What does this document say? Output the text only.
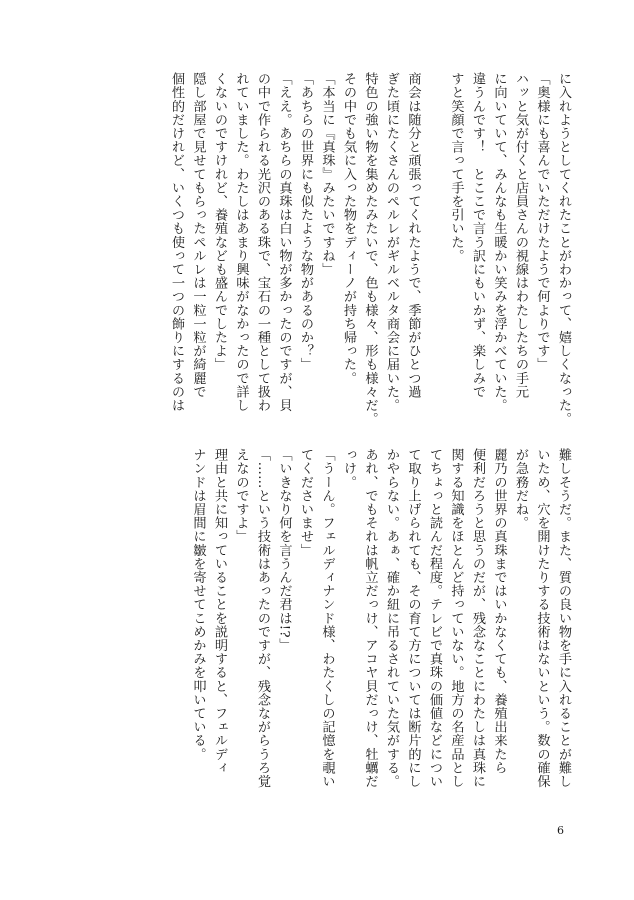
に入れようとしてくれたことがわかって、嬉しくなった。
「奥様にも喜んでいただけたようで何よりです」
ハッと気が付くと店員さんの視線はわたしたちの手元
に向いていて、みんなも生暖かい笑みを浮かべていた。
違うんです！　とここで言う訳にもいかず、楽しみで
すと笑顔で言って手を引いた。
商会は随分と頑張ってくれたようで、季節がひとつ過
ぎた頃にたくさんのペルレがギルベルタ商会に届いた。
特色の強い物を集めたみたいで、色も様々、形も様々だ。
その中でも気に入った物をディーノが持ち帰った。
「本当に『真珠』みたいですね」
「あちらの世界にも似たような物があるのか？」
「ええ。あちらの真珠は白い物が多かったのですが、貝
の中で作られる光沢のある珠で、宝石の一種として扱わ
れていました。わたしはあまり興味がなかったので詳し
くないのですけれど、養殖なども盛んでしたよ」
隠し部屋で見せてもらったペルレは一粒一粒が綺麗で
個性的だけれど、いくつも使って一つの飾りにするのは
難しそうだ。また、質の良い物を手に入れることが難し
いため、穴を開けたりする技術はないという。数の確保
が急務だね。
麗乃の世界の真珠まではいかなくても、養殖出来たら
便利だろうと思うのだが、残念なことにわたしは真珠に
関する知識をほとんど持っていない。地方の名産品とし
てちょっと読んだ程度。テレビで真珠の価値などについ
て取り上げられても、その育て方については断片的にし
かやらない。あぁ、確か紐に吊るされていた気がする。
あれ、でもそれは帆立だっけ、アコヤ貝だっけ、牡蠣だ
っけ。
「うーん。フェルディナンド様、わたくしの記憶を覗い
てくださいませ」
「いきなり何を言うんだ君は!?」
「……という技術はあったのですが、残念ながらうろ覚
えなのですよ」
理由と共に知っていることを説明すると、フェルディ
ナンドは眉間に皺を寄せてこめかみを叩いている。
6
